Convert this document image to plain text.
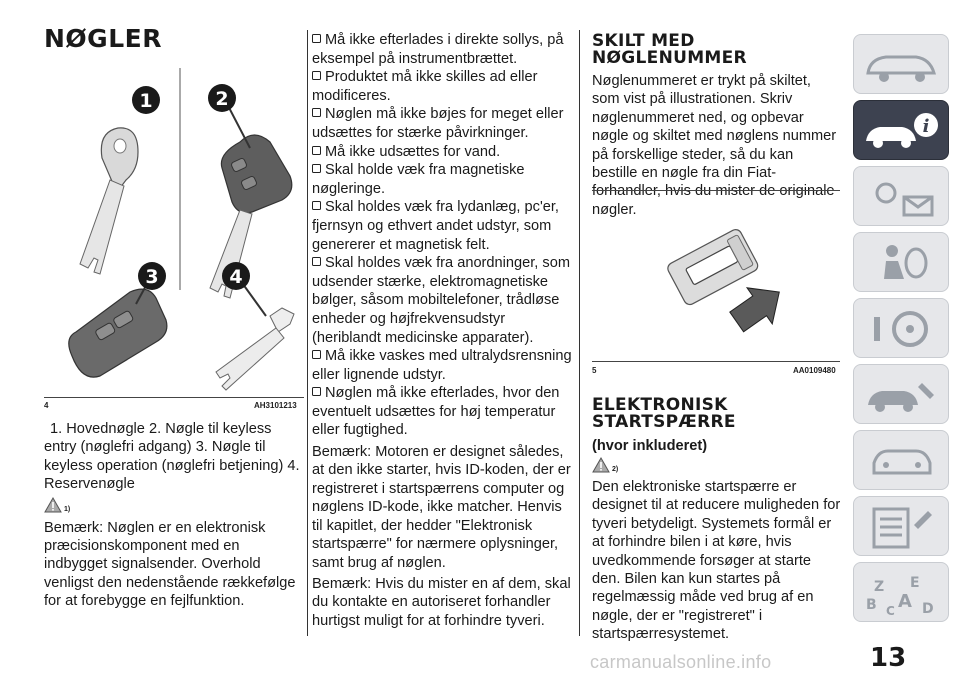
NØGLER
1	2
3	4
4	AH3101213

1. Hovednøgle 2. Nøgle til keyless entry (nøglefri adgang) 3. Nøgle til keyless operation (nøglefri betjening) 4. Reservenøgle

1)

Bemærk: Nøglen er en elektronisk præcisionskomponent med en indbygget signalsender. Overhold venligst den nedenstående rækkefølge for at forebygge en fejlfunktion.

Må ikke efterlades i direkte sollys, på eksempel på instrumentbrættet.
Produktet må ikke skilles ad eller modificeres.
Nøglen må ikke bøjes for meget eller udsættes for stærke påvirkninger.
Må ikke udsættes for vand.
Skal holde væk fra magnetiske nøgleringe.
Skal holdes væk fra lydanlæg, pc'er, fjernsyn og ethvert andet udstyr, som genererer et magnetisk felt.
Skal holdes væk fra anordninger, som udsender stærke, elektromagnetiske bølger, såsom mobiltelefoner, trådløse enheder og højfrekvensudstyr (heriblandt medicinske apparater).
Må ikke vaskes med ultralydsrensning eller lignende udstyr.
Nøglen må ikke efterlades, hvor den eventuelt udsættes for høj temperatur eller fugtighed.

Bemærk: Motoren er designet således, at den ikke starter, hvis ID-koden, der er registreret i startspærrens computer og nøglens ID-kode, ikke matcher. Henvis til kapitlet, der hedder "Elektronisk startspærre" for nærmere oplysninger, samt brug af nøglen.

Bemærk: Hvis du mister en af dem, skal du kontakte en autoriseret forhandler hurtigst muligt for at forhindre tyveri.

SKILT MED
NØGLENUMMER

Nøglenummeret er trykt på skiltet, som vist på illustrationen. Skriv nøglenummeret ned, og opbevar nøgle og skiltet med nøglens nummer på forskellige steder, så du kan bestille en nøgle fra din Fiat-forhandler, hvis du mister de originale nøgler.

5	AA0109480
ELEKTRONISK
STARTSPÆRRE
(hvor inkluderet)
2)

Den elektroniske startspærre er designet til at reducere muligheden for tyveri betydeligt. Systemets formål er at forhindre bilen i at køre, hvis uvedkommende forsøger at starte den. Bilen kan kun startes på regelmæssig måde ved brug af en nøgle, der er "registreret" i startspærresystemet.

i
Z E
B A D
C
13
carmanualsonline.info
